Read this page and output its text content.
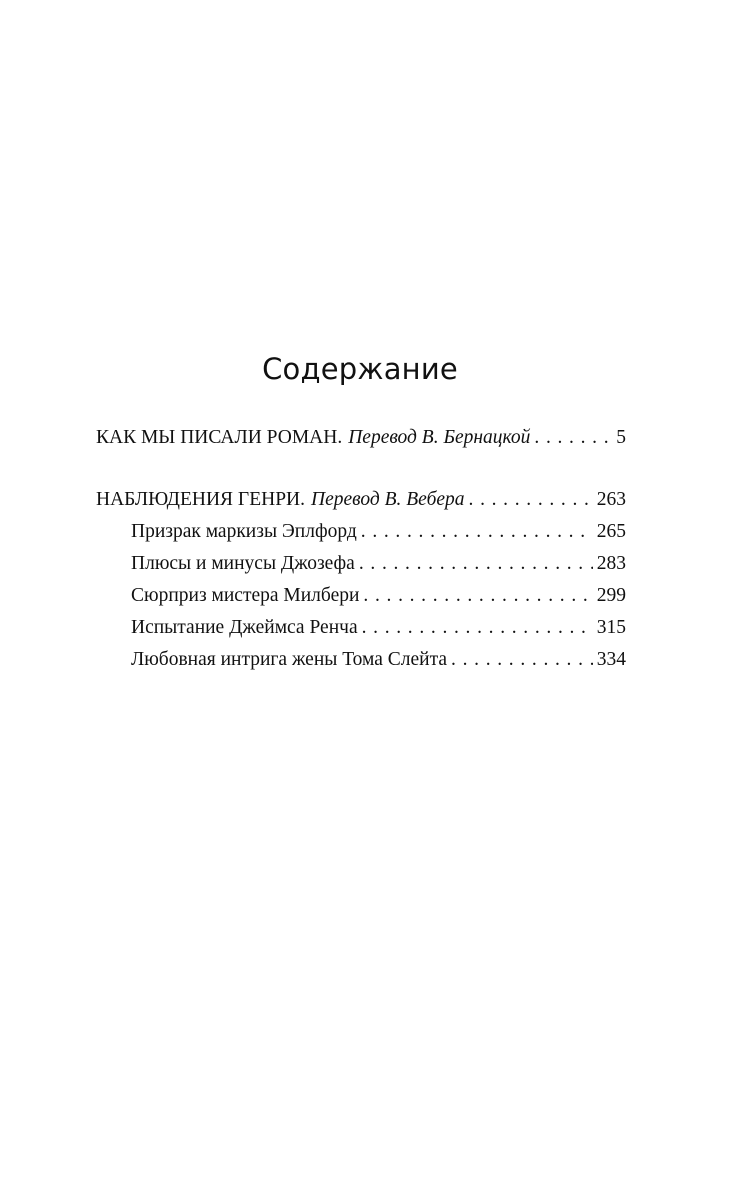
Содержание
КАК МЫ ПИСАЛИ РОМАН. Перевод В. Бернацкой . . .	5
НАБЛЮДЕНИЯ ГЕНРИ. Перевод В. Вебера . . .	263
Призрак маркизы Эплфорд . . .	265
Плюсы и минусы Джозефа . . .	283
Сюрприз мистера Милбери . . .	299
Испытание Джеймса Ренча . . .	315
Любовная интрига жены Тома Слейта . . .	334
